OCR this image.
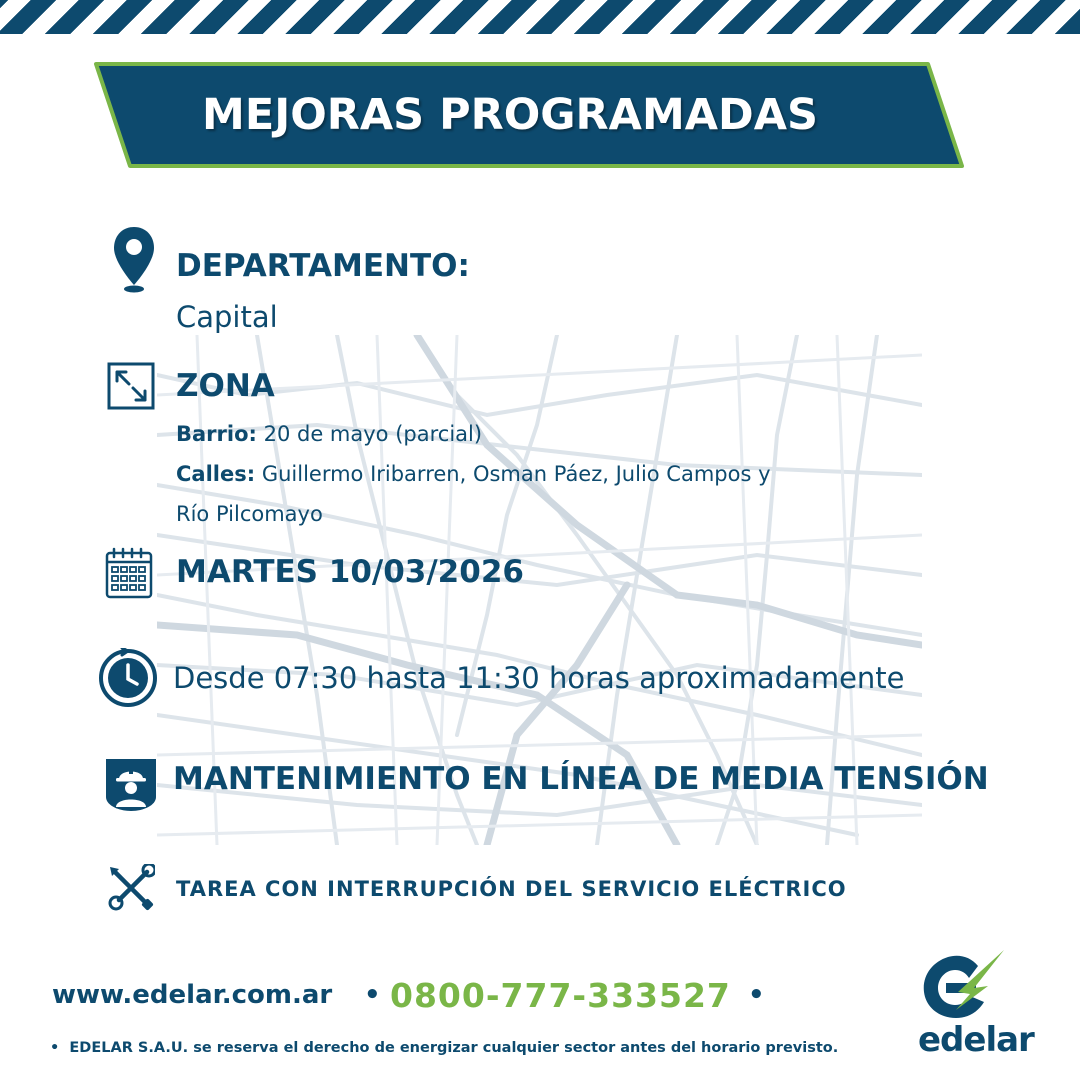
MEJORAS PROGRAMADAS
DEPARTAMENTO:
Capital
ZONA
Barrio: 20 de mayo (parcial)
Calles: Guillermo Iribarren, Osman Páez, Julio Campos y
Río Pilcomayo
MARTES 10/03/2026
Desde 07:30 hasta 11:30 horas aproximadamente
MANTENIMIENTO EN LÍNEA DE MEDIA TENSIÓN
TAREA CON INTERRUPCIÓN DEL SERVICIO ELÉCTRICO
www.edelar.com.ar • 0800-777-333527 •
• EDELAR S.A.U. se reserva el derecho de energizar cualquier sector antes del horario previsto. edelar
